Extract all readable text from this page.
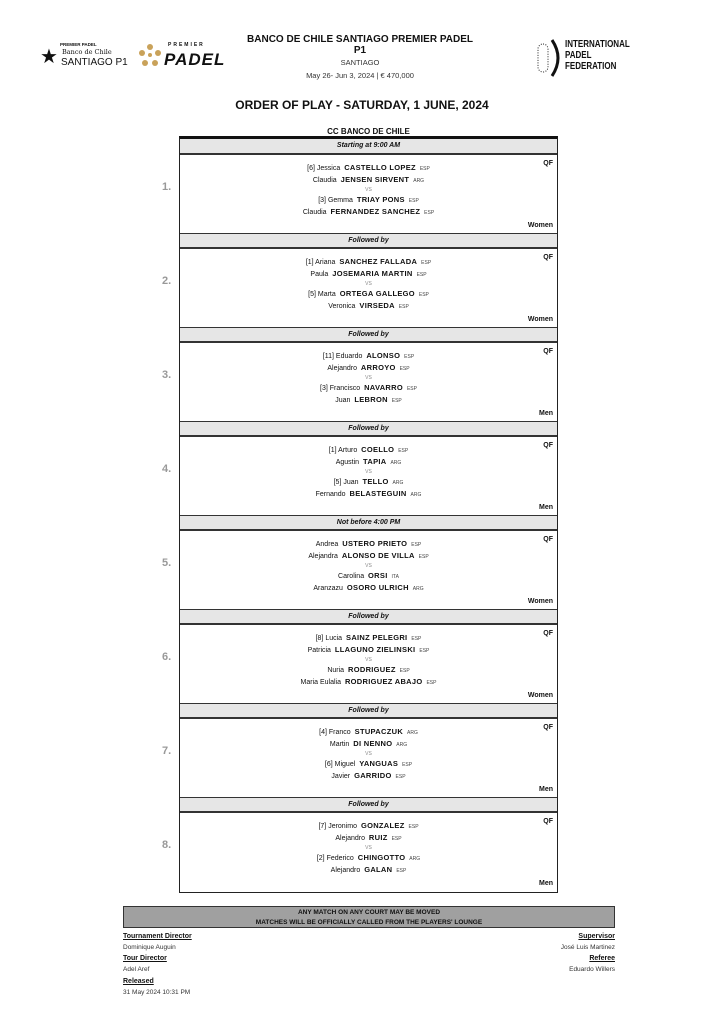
★
PREMIER PADEL
Banco de Chile
SANTIAGO P1
PREMIER
PADEL
INTERNATIONAL
PADEL
FEDERATION
BANCO DE CHILE SANTIAGO PREMIER PADEL
P1
SANTIAGO
May 26- Jun 3, 2024 | € 470,000
ORDER OF PLAY - SATURDAY, 1 JUNE, 2024
CC BANCO DE CHILE
Starting at 9:00 AM
1.
QF
Women
VS
[6] Jessica CASTELLO LOPEZ ESP
Claudia JENSEN SIRVENT ARG
[3] Gemma TRIAY PONS ESP
Claudia FERNANDEZ SANCHEZ ESP
Followed by
2.
QF
Women
VS
[1] Ariana SANCHEZ FALLADA ESP
Paula JOSEMARIA MARTIN ESP
[5] Marta ORTEGA GALLEGO ESP
Veronica VIRSEDA ESP
Followed by
3.
QF
Men
VS
[11] Eduardo ALONSO ESP
Alejandro ARROYO ESP
[3] Francisco NAVARRO ESP
Juan LEBRON ESP
Followed by
4.
QF
Men
VS
[1] Arturo COELLO ESP
Agustin TAPIA ARG
[5] Juan TELLO ARG
Fernando BELASTEGUIN ARG
Not before 4:00 PM
5.
QF
Women
VS
Andrea USTERO PRIETO ESP
Alejandra ALONSO DE VILLA ESP
Carolina ORSI ITA
Aranzazu OSORO ULRICH ARG
Followed by
6.
QF
Women
VS
[8] Lucia SAINZ PELEGRI ESP
Patricia LLAGUNO ZIELINSKI ESP
Nuria RODRIGUEZ ESP
Maria Eulalia RODRIGUEZ ABAJO ESP
Followed by
7.
QF
Men
VS
[4] Franco STUPACZUK ARG
Martin DI NENNO ARG
[6] Miguel YANGUAS ESP
Javier GARRIDO ESP
Followed by
8.
QF
Men
VS
[7] Jeronimo GONZALEZ ESP
Alejandro RUIZ ESP
[2] Federico CHINGOTTO ARG
Alejandro GALAN ESP
ANY MATCH ON ANY COURT MAY BE MOVED
MATCHES WILL BE OFFICIALLY CALLED FROM THE PLAYERS' LOUNGE
Tournament Director
Dominique Auguin
Tour Director
Adel Aref
Released
31 May 2024 10:31 PM
Supervisor
José Luis Martinez
Referee
Eduardo Willers
